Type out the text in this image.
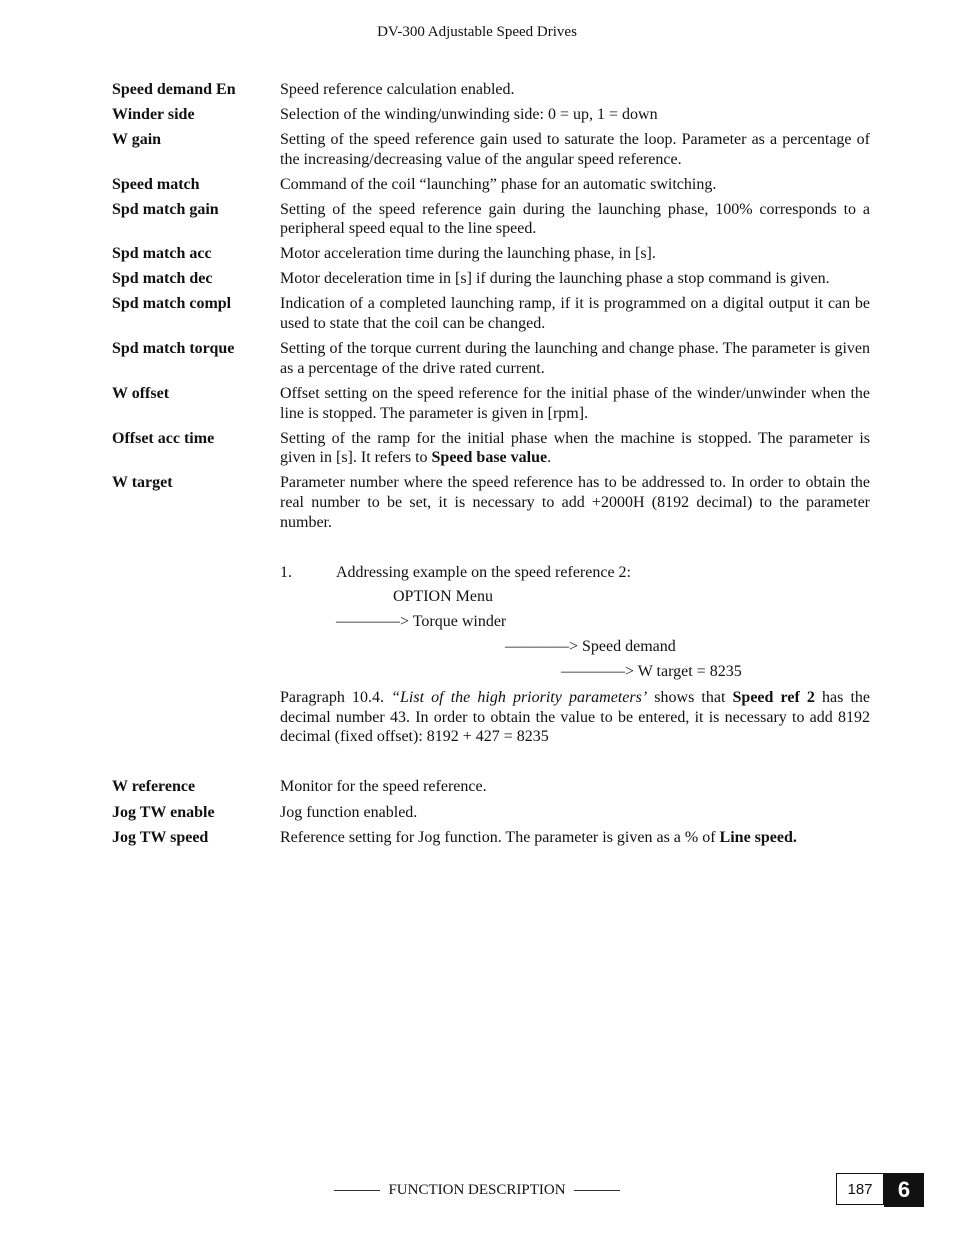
DV-300 Adjustable Speed Drives
Speed demand En	Speed reference calculation enabled.
Winder side	Selection of the winding/unwinding side: 0 = up, 1 = down
W gain	Setting of the speed reference gain used to saturate the loop. Parameter as a percentage of the increasing/decreasing value of the angular speed reference.
Speed match	Command of the coil “launching” phase for an automatic switching.
Spd match gain	Setting of the speed reference gain during the launching phase, 100% corresponds to a peripheral speed equal to the line speed.
Spd match acc	Motor acceleration time during the launching phase, in [s].
Spd match dec	Motor deceleration time in [s] if during the launching phase a stop command is given.
Spd match compl	Indication of a completed launching ramp, if it is programmed on a digital output it can be used to state that the coil can be changed.
Spd match torque	Setting of the torque current during the launching and change phase. The parameter is given as a percentage of the drive rated current.
W offset	Offset setting on the speed reference for the initial phase of the winder/unwinder when the line is stopped. The parameter is given in [rpm].
Offset acc time	Setting of the ramp for the initial phase when the machine is stopped. The parameter is given in [s]. It refers to Speed base value.
W target	Parameter number where the speed reference has to be addressed to. In order to obtain the real number to be set, it is necessary to add +2000H (8192 decimal) to the parameter number.
1.	Addressing example on the speed reference 2:
OPTION Menu
————> Torque winder
————> Speed demand
————> W target = 8235
Paragraph 10.4. “List of the high priority parameters’ shows that Speed ref 2 has the decimal number 43. In order to obtain the value to be entered, it is necessary to add 8192 decimal (fixed offset): 8192 + 427 = 8235
W reference	Monitor for the speed reference.
Jog TW enable	Jog function enabled.
Jog TW speed	Reference setting for Jog function. The parameter is given as a % of Line speed.
FUNCTION DESCRIPTION	187	6
